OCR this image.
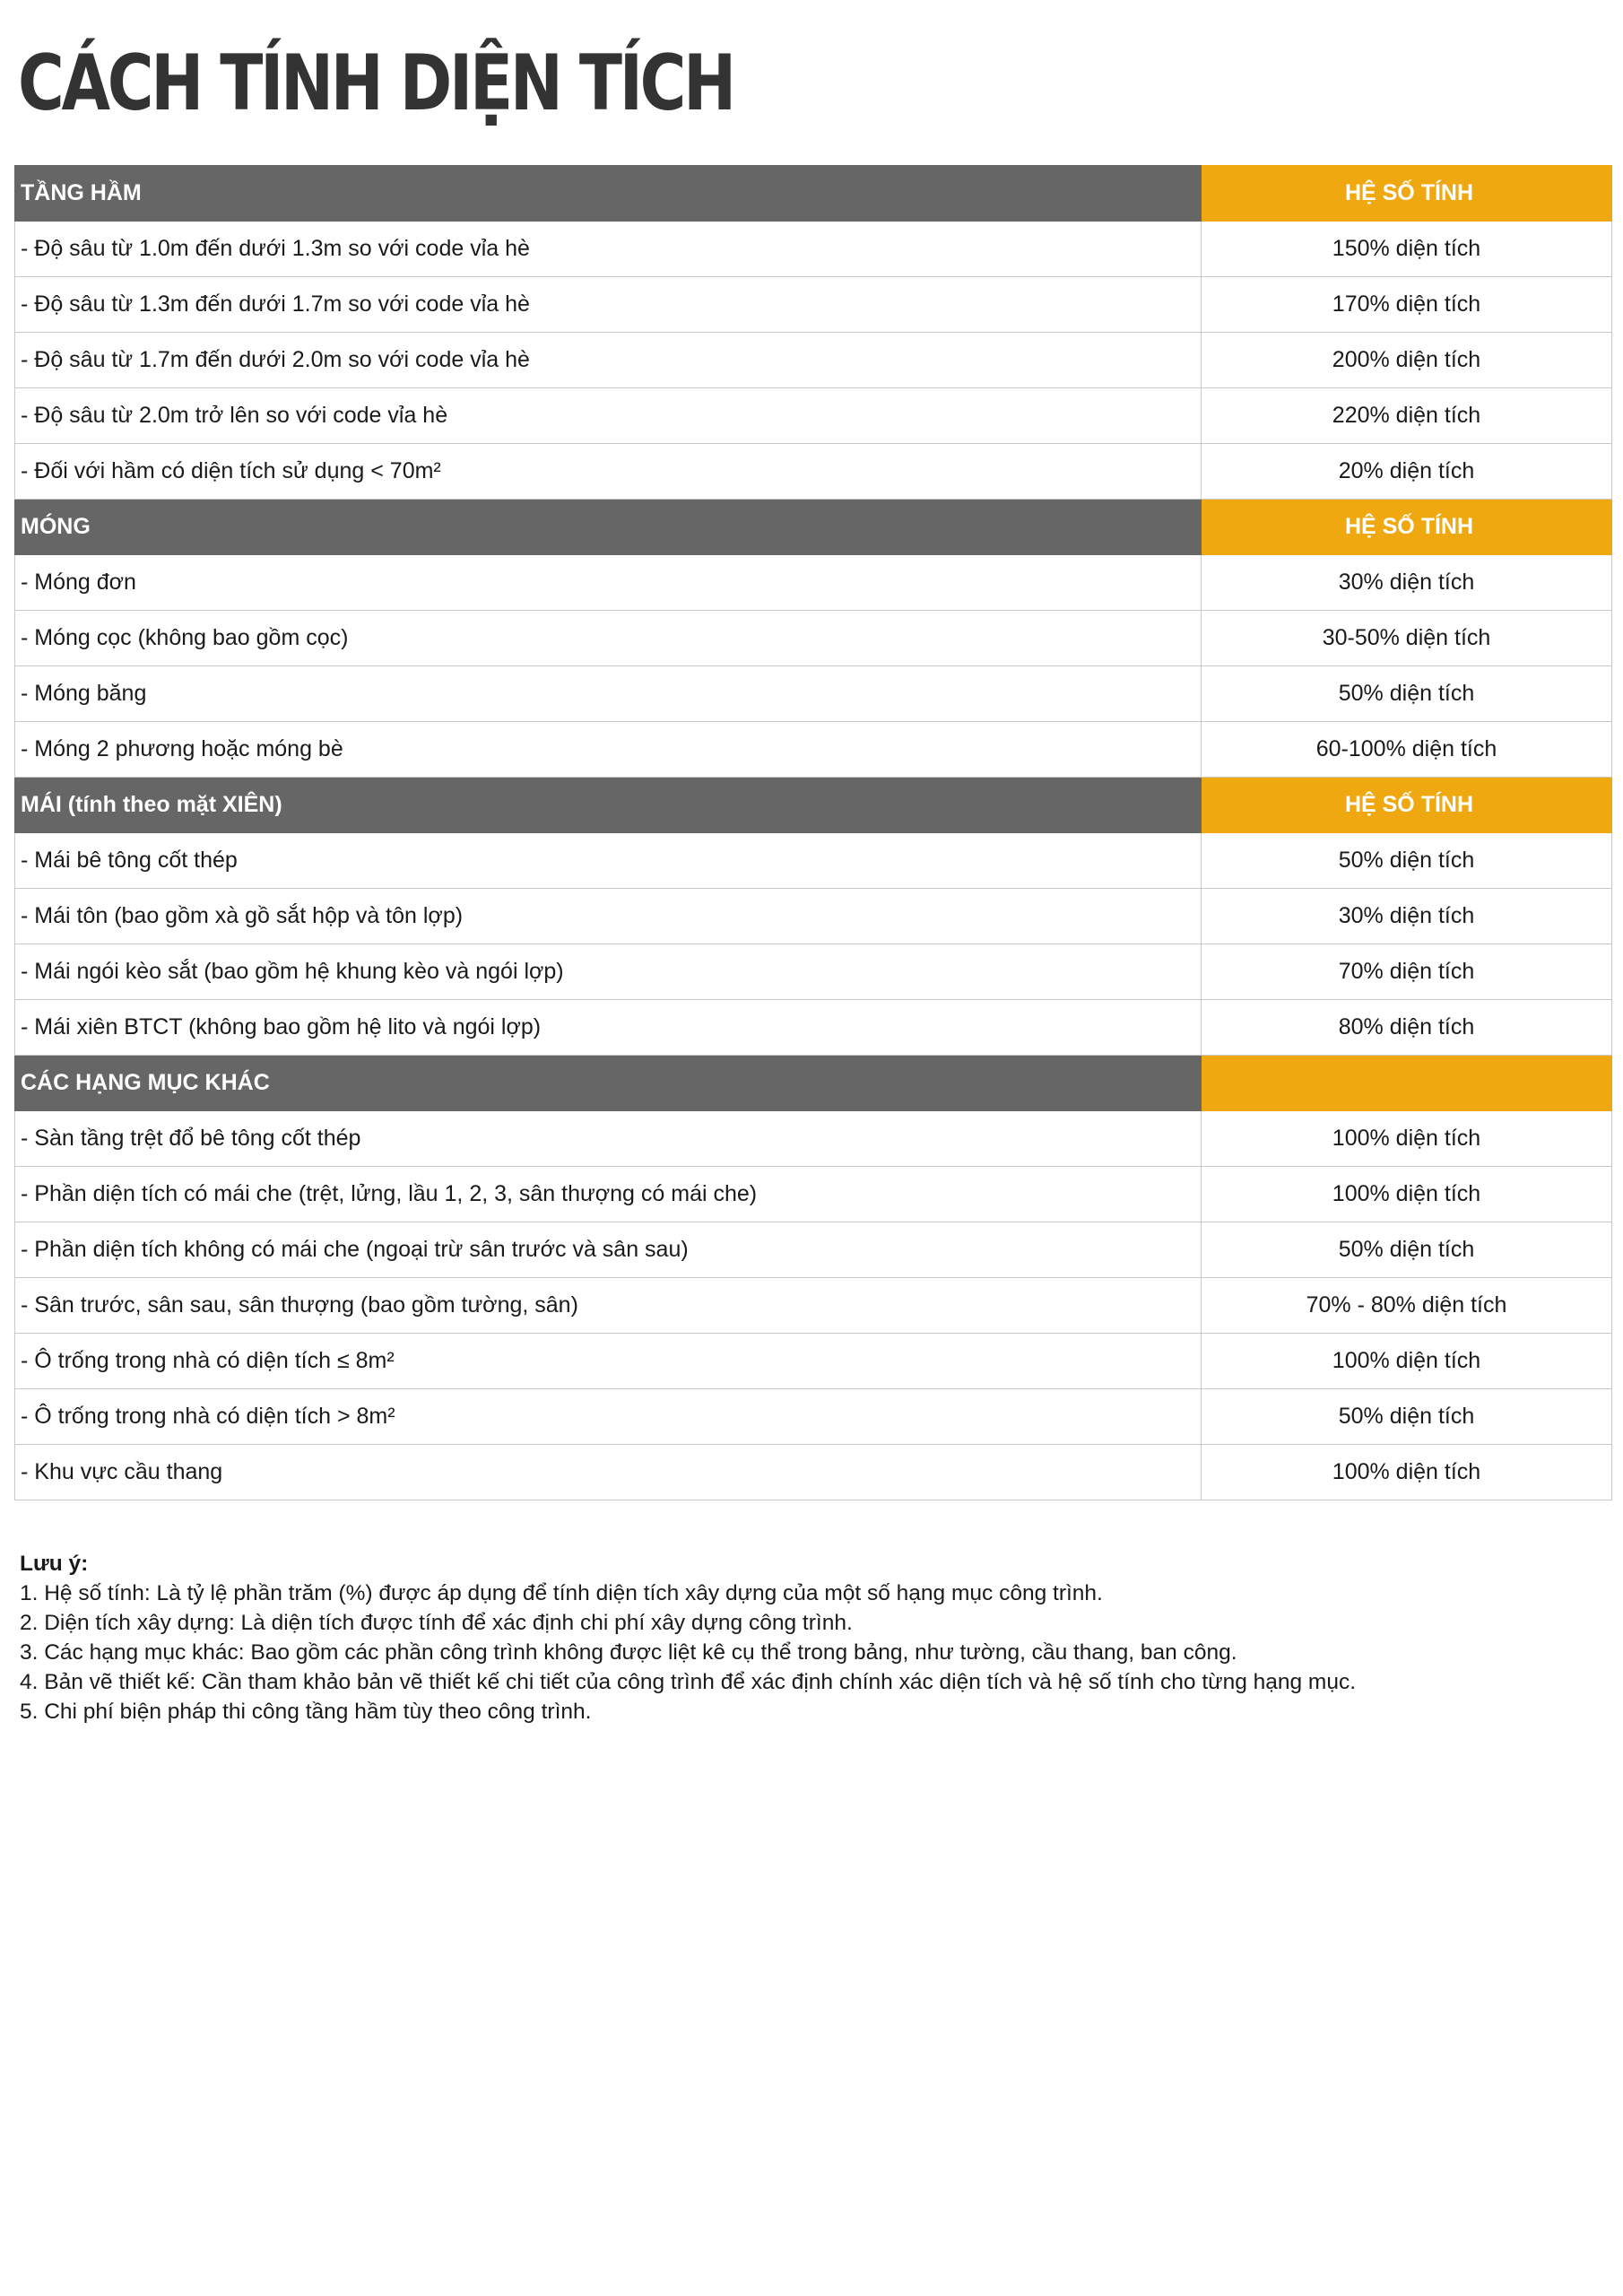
CÁCH TÍNH DIỆN TÍCH
TẦNG HẦM	HỆ SỐ TÍNH
- Độ sâu từ 1.0m đến dưới 1.3m so với code vỉa hè	150% diện tích
- Độ sâu từ 1.3m đến dưới 1.7m so với code vỉa hè	170% diện tích
- Độ sâu từ 1.7m đến dưới 2.0m so với code vỉa hè	200% diện tích
- Độ sâu từ 2.0m trở lên so với code vỉa hè	220% diện tích
- Đối với hầm có diện tích sử dụng < 70m²	20% diện tích
MÓNG	HỆ SỐ TÍNH
- Móng đơn	30% diện tích
- Móng cọc (không bao gồm cọc)	30-50% diện tích
- Móng băng	50% diện tích
- Móng 2 phương hoặc móng bè	60-100% diện tích
MÁI (tính theo mặt XIÊN)	HỆ SỐ TÍNH
- Mái bê tông cốt thép	50% diện tích
- Mái tôn (bao gồm xà gồ sắt hộp và tôn lợp)	30% diện tích
- Mái ngói kèo sắt (bao gồm hệ khung kèo và ngói lợp)	70% diện tích
- Mái xiên BTCT (không bao gồm hệ lito và ngói lợp)	80% diện tích
CÁC HẠNG MỤC KHÁC	
- Sàn tầng trệt đổ bê tông cốt thép	100% diện tích
- Phần diện tích có mái che (trệt, lửng, lầu 1, 2, 3, sân thượng có mái che)	100% diện tích
- Phần diện tích không có mái che (ngoại trừ sân trước và sân sau)	50% diện tích
- Sân trước, sân sau, sân thượng (bao gồm tường, sân)	70% - 80% diện tích
- Ô trống trong nhà có diện tích ≤ 8m²	100% diện tích
- Ô trống trong nhà có diện tích > 8m²	50% diện tích
- Khu vực cầu thang	100% diện tích
Lưu ý:
1. Hệ số tính: Là tỷ lệ phần trăm (%) được áp dụng để tính diện tích xây dựng của một số hạng mục công trình.
2. Diện tích xây dựng: Là diện tích được tính để xác định chi phí xây dựng công trình.
3. Các hạng mục khác: Bao gồm các phần công trình không được liệt kê cụ thể trong bảng, như tường, cầu thang, ban công.
4. Bản vẽ thiết kế: Cần tham khảo bản vẽ thiết kế chi tiết của công trình để xác định chính xác diện tích và hệ số tính cho từng hạng mục.
5. Chi phí biện pháp thi công tầng hầm tùy theo công trình.
